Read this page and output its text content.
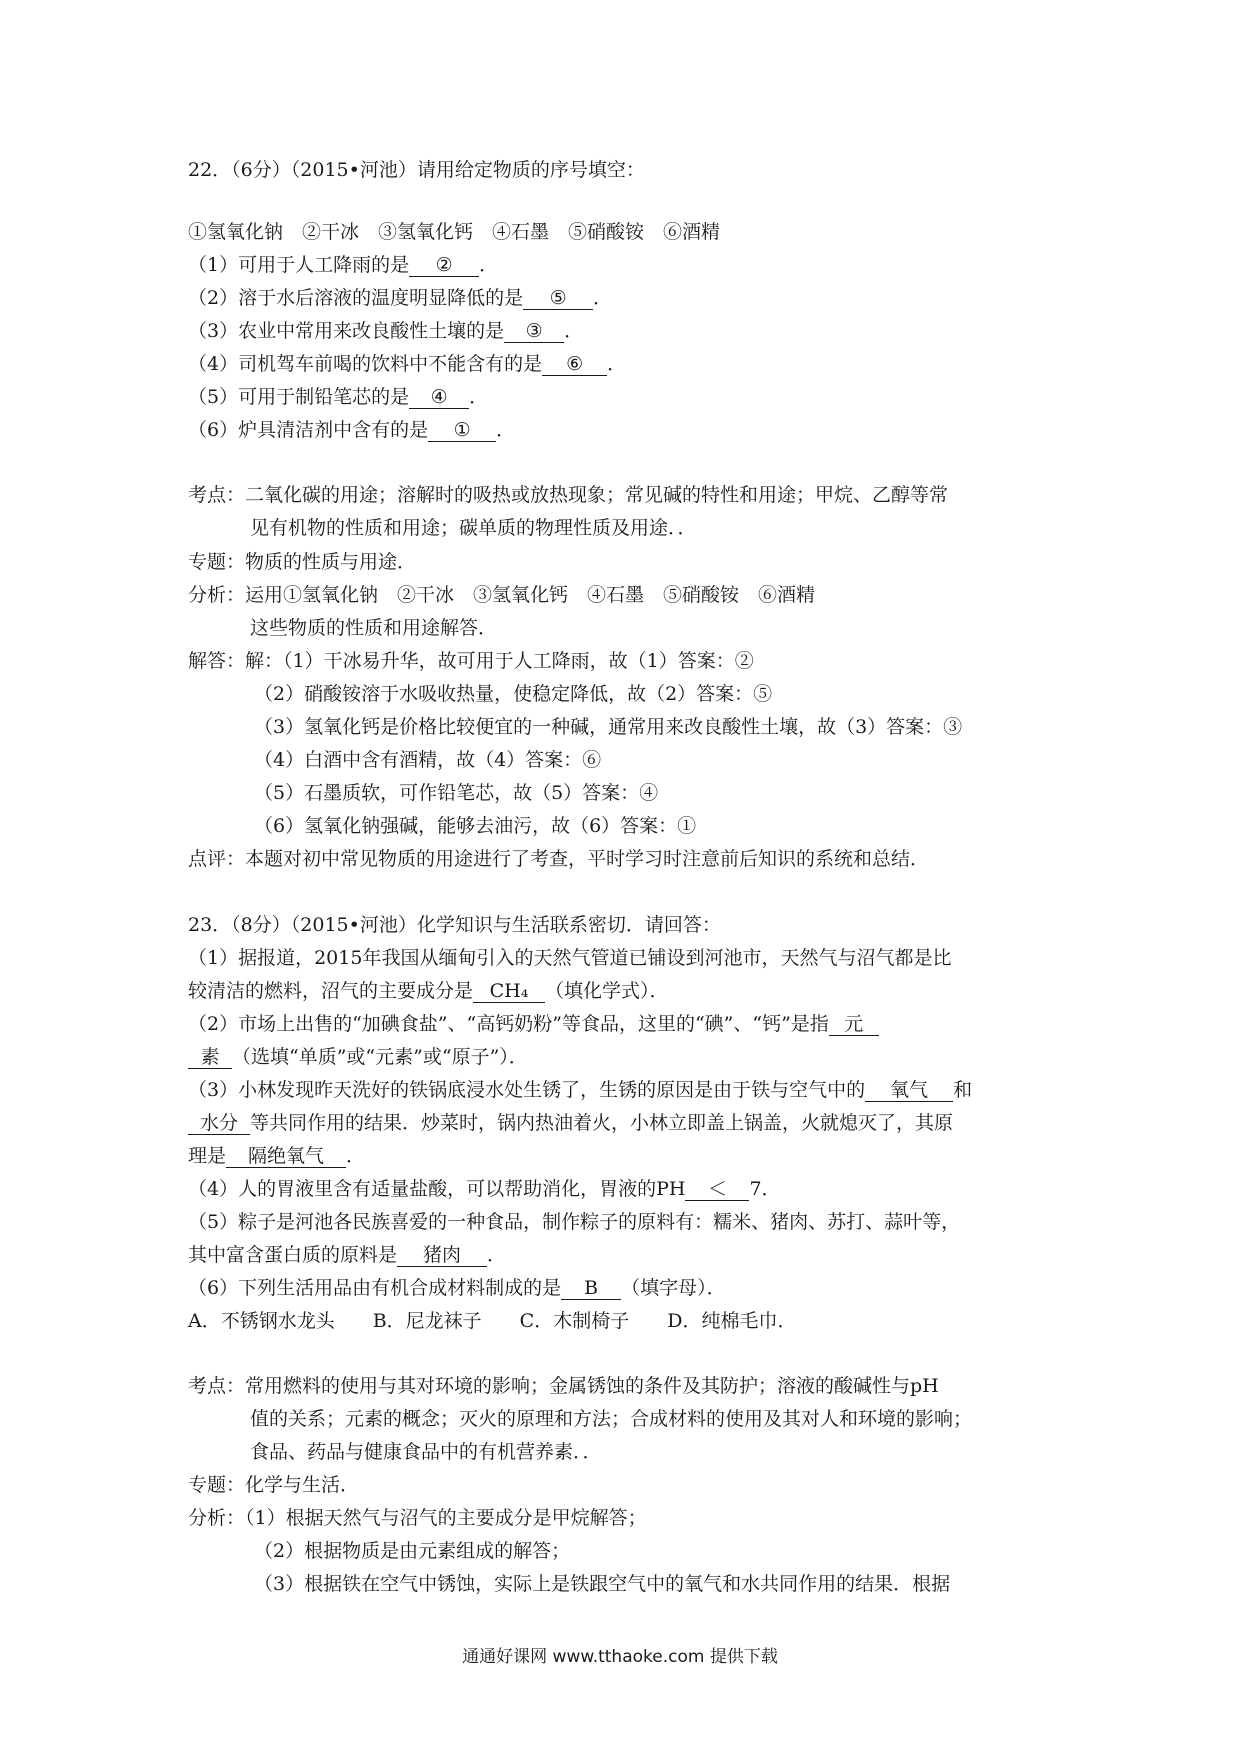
22．（6分）（2015•河池）请用给定物质的序号填空：
①氢氧化钠　②干冰　③氢氧化钙　④石墨　⑤硝酸铵　⑥酒精
（1）可用于人工降雨的是 ② ．
（2）溶于水后溶液的温度明显降低的是 ⑤ ．
（3）农业中常用来改良酸性土壤的是 ③ ．
（4）司机驾车前喝的饮料中不能含有的是 ⑥ ．
（5）可用于制铅笔芯的是 ④ ．
（6）炉具清洁剂中含有的是 ① ．
考点：二氧化碳的用途；溶解时的吸热或放热现象；常见碱的特性和用途；甲烷、乙醇等常
见有机物的性质和用途；碳单质的物理性质及用途．．
专题：物质的性质与用途．
分析：运用①氢氧化钠　②干冰　③氢氧化钙　④石墨　⑤硝酸铵　⑥酒精
这些物质的性质和用途解答．
解答：解：（1）干冰易升华，故可用于人工降雨，故（1）答案：②
（2）硝酸铵溶于水吸收热量，使稳定降低，故（2）答案：⑤
（3）氢氧化钙是价格比较便宜的一种碱，通常用来改良酸性土壤，故（3）答案：③
（4）白酒中含有酒精，故（4）答案：⑥
（5）石墨质软，可作铅笔芯，故（5）答案：④
（6）氢氧化钠强碱，能够去油污，故（6）答案：①
点评：本题对初中常见物质的用途进行了考查，平时学习时注意前后知识的系统和总结．
23．（8分）（2015•河池）化学知识与生活联系密切．请回答：
（1）据报道，2015年我国从缅甸引入的天然气管道已铺设到河池市，天然气与沼气都是比
较清洁的燃料，沼气的主要成分是 CH₄ （填化学式）．
（2）市场上出售的“加碘食盐”、“高钙奶粉”等食品，这里的“碘”、“钙”是指 元
素 （选填“单质”或“元素”或“原子”）．
（3）小林发现昨天洗好的铁锅底浸水处生锈了，生锈的原因是由于铁与空气中的 氧气 和
水分 等共同作用的结果．炒菜时，锅内热油着火，小林立即盖上锅盖，火就熄灭了，其原
理是 隔绝氧气 ．
（4）人的胃液里含有适量盐酸，可以帮助消化，胃液的PH ＜ 7．
（5）粽子是河池各民族喜爱的一种食品，制作粽子的原料有：糯米、猪肉、苏打、蒜叶等，
其中富含蛋白质的原料是 猪肉 ．
（6）下列生活用品由有机合成材料制成的是 B （填字母）．
A．不锈钢水龙头　　B．尼龙袜子　　C．木制椅子　　D．纯棉毛巾．
考点：常用燃料的使用与其对环境的影响；金属锈蚀的条件及其防护；溶液的酸碱性与pH
值的关系；元素的概念；灭火的原理和方法；合成材料的使用及其对人和环境的影响；
食品、药品与健康食品中的有机营养素．．
专题：化学与生活．
分析：（1）根据天然气与沼气的主要成分是甲烷解答；
（2）根据物质是由元素组成的解答；
（3）根据铁在空气中锈蚀，实际上是铁跟空气中的氧气和水共同作用的结果．根据
通通好课网 www.tthaoke.com 提供下载
